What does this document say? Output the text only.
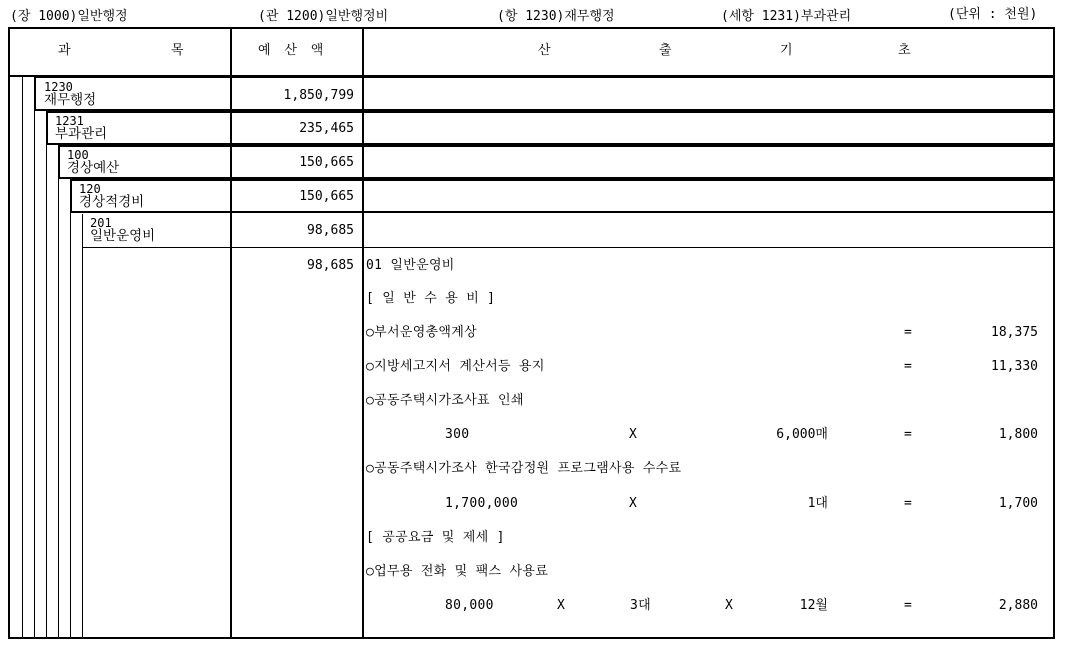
(장 1000)일반행정	(관 1200)일반행정비	(항 1230)재무행정	(세항 1231)부과관리	(단위 : 천원)
과	목	예 산 액	산	출	기	초
1230
재무행정	1,850,799
1231
부과관리	235,465
100
경상예산	150,665
120
경상적경비	150,665
201
일반운영비	98,685
98,685 01 일반운영비
[ 일 반 수 용 비 ]
○부서운영총액계상	=	18,375
○지방세고지서 계산서등 용지	=	11,330
○공동주택시가조사표 인쇄
300	X	6,000매	=	1,800
○공동주택시가조사 한국감정원 프로그램사용 수수료
1,700,000	X	1대	=	1,700
[ 공공요금 및 제세 ]
○업무용 전화 및 팩스 사용료
80,000	X	3대	X	12월	=	2,880
